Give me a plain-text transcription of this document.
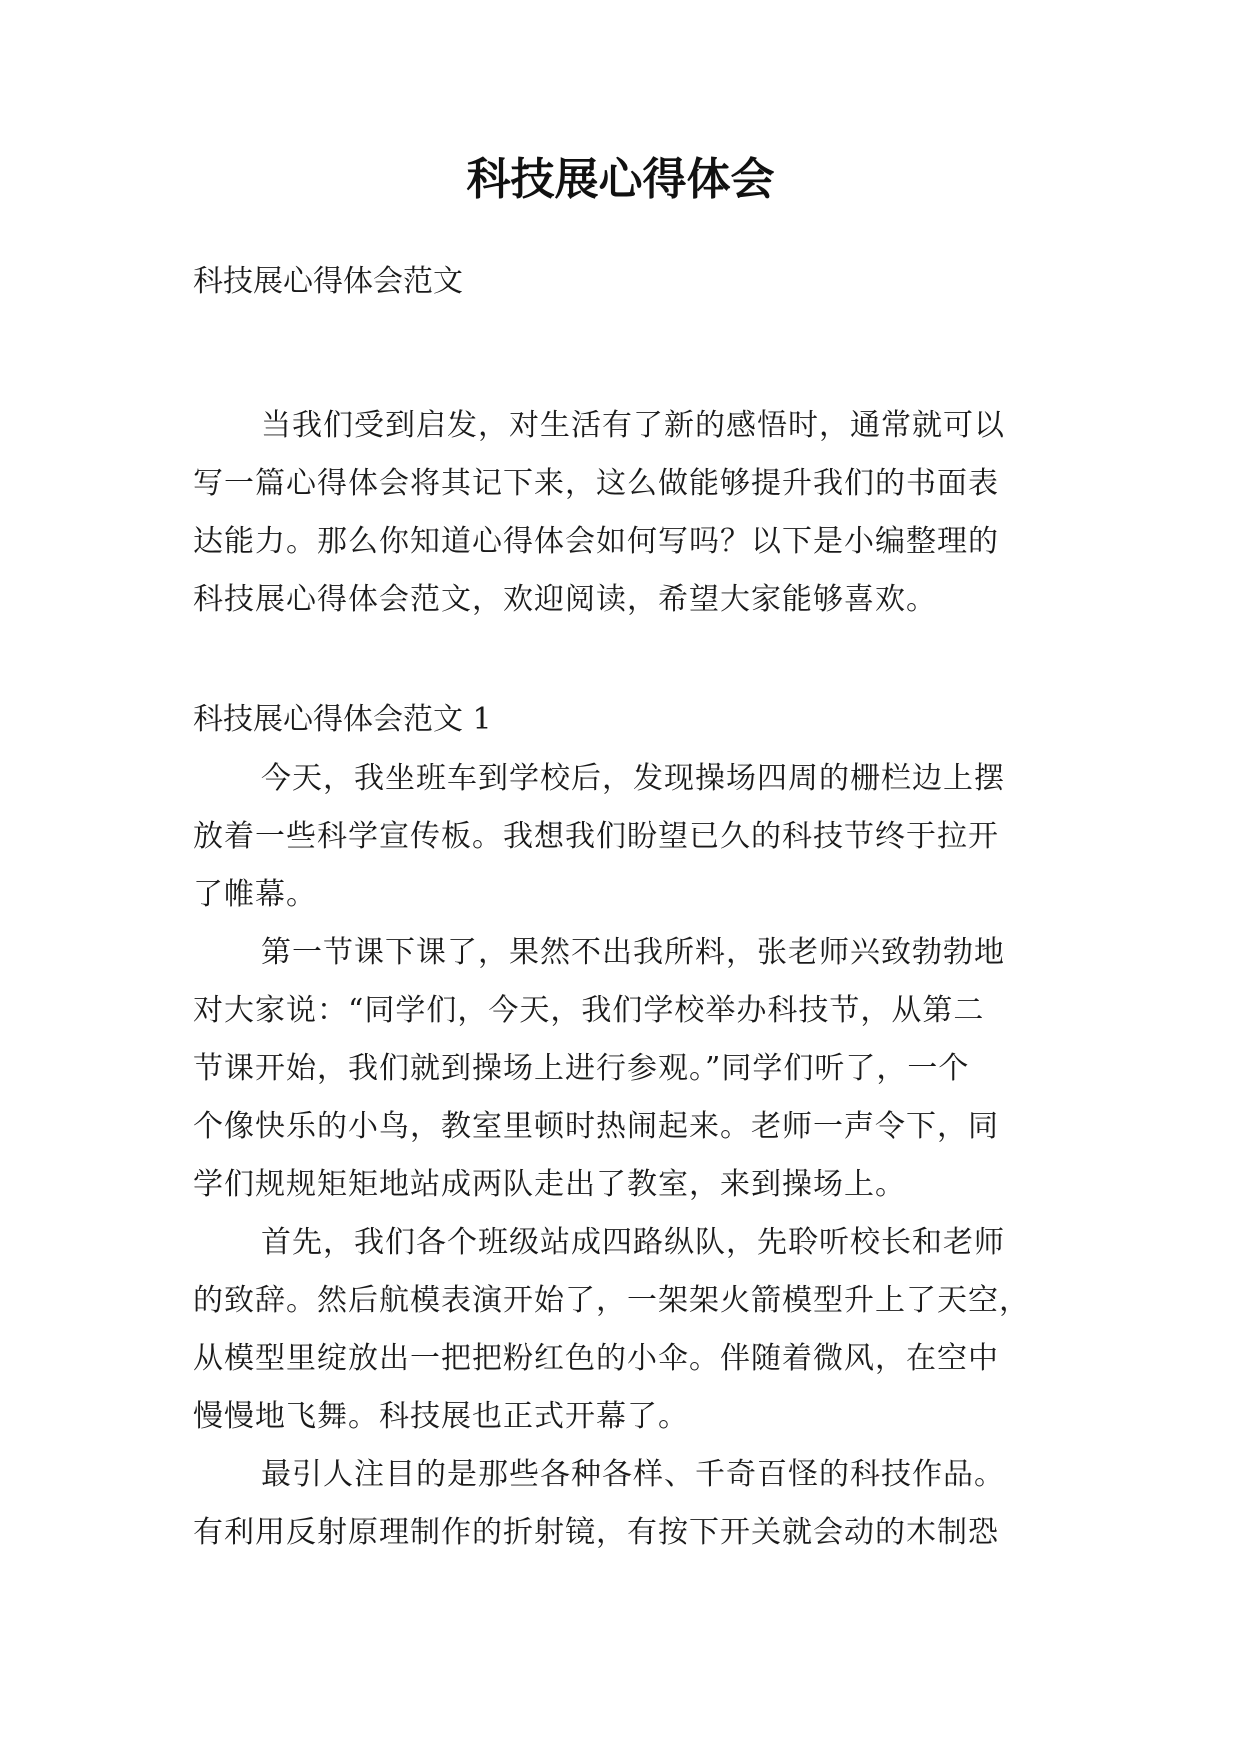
科技展心得体会
科技展心得体会范文
当我们受到启发，对生活有了新的感悟时，通常就可以
写一篇心得体会将其记下来，这么做能够提升我们的书面表
达能力。那么你知道心得体会如何写吗？以下是小编整理的
科技展心得体会范文，欢迎阅读，希望大家能够喜欢。
科技展心得体会范文 1
今天，我坐班车到学校后，发现操场四周的栅栏边上摆
放着一些科学宣传板。我想我们盼望已久的科技节终于拉开
了帷幕。
第一节课下课了，果然不出我所料，张老师兴致勃勃地
对大家说：“同学们，今天，我们学校举办科技节，从第二
节课开始，我们就到操场上进行参观。”同学们听了，一个
个像快乐的小鸟，教室里顿时热闹起来。老师一声令下，同
学们规规矩矩地站成两队走出了教室，来到操场上。
首先，我们各个班级站成四路纵队，先聆听校长和老师
的致辞。然后航模表演开始了，一架架火箭模型升上了天空，
从模型里绽放出一把把粉红色的小伞。伴随着微风，在空中
慢慢地飞舞。科技展也正式开幕了。
最引人注目的是那些各种各样、千奇百怪的科技作品。
有利用反射原理制作的折射镜，有按下开关就会动的木制恐
